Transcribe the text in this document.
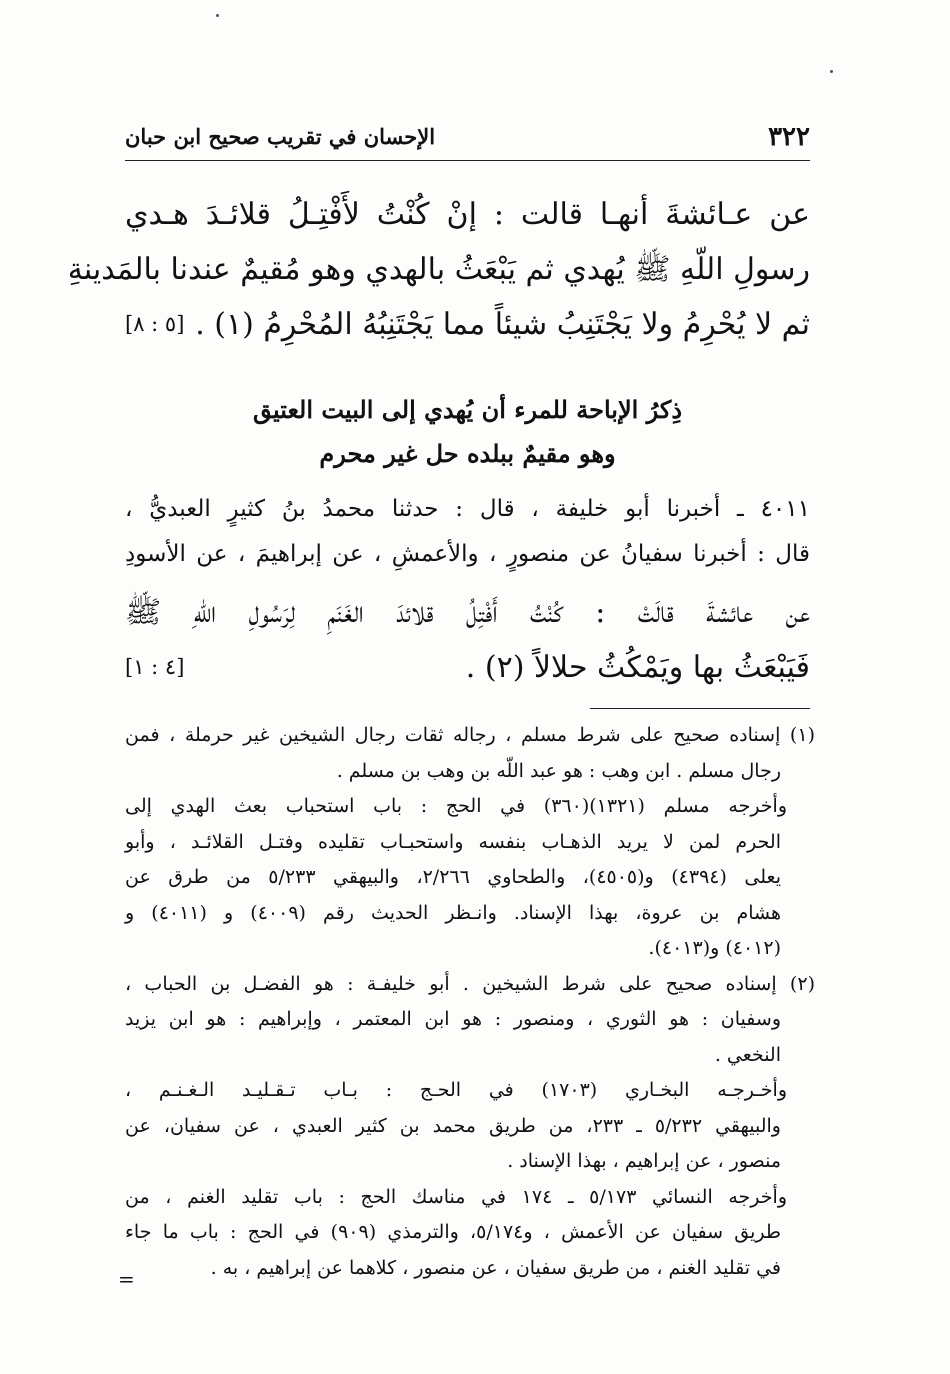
٣٢٢
الإحسان في تقريب صحيح ابن حبان
عن عـائشةَ أنهـا قالت : إنْ كُنْتُ لأَفْتِـلُ قلائـدَ هـدي
رسولِ اللّهِ ﷺ يُهدي ثم يَبْعَثُ بالهدي وهو مُقيمٌ عندنا بالمَدينةِ
ثم لا يُحْرِمُ ولا يَجْتَنِبُ شيئاً مما يَجْتَنِبُهُ المُحْرِمُ (١) .
[٥ : ٨]
ذِكرُ الإباحة للمرء أن يُهدي إلى البيت العتيق
وهو مقيمٌ ببلده حل غير محرم
٤٠١١ ـ أخبرنا أبو خليفة ، قال : حدثنا محمدُ بنُ كثيرٍ العبديُّ ،
قال : أخبرنا سفيانُ عن منصورٍ ، والأعمشِ ، عن إبراهيمَ ، عن الأسودِ
عن عائشةَ قالَتْ : كُنْتُ أَفْتِلُ قلائدَ الغَنَمِ لِرَسُولِ اللّهِ ﷺ
فَيَبْعَثُ بها ويَمْكُثُ حلالاً (٢) .
[٤ : ١]
(١) إسناده صحيح على شرط مسلم ، رجاله ثقات رجال الشيخين غير حرملة ، فمن
رجال مسلم . ابن وهب : هو عبد اللّه بن وهب بن مسلم .
وأخرجه مسلم (١٣٢١)(٣٦٠) في الحج : باب استحباب بعث الهدي إلى
الحرم لمن لا يريد الذهـاب بنفسه واستحبـاب تقليده وفتـل القلائـد ، وأبو
يعلى (٤٣٩٤) و(٤٥٠٥)، والطحاوي ٢/٢٦٦، والبيهقي ٥/٢٣٣ من طرق عن
هشام بن عروة، بهذا الإسناد. وانـظر الحديث رقم (٤٠٠٩) و (٤٠١١) و
(٤٠١٢) و(٤٠١٣).
(٢) إسناده صحيح على شرط الشيخين . أبو خليفـة : هو الفضـل بن الحباب ،
وسفيان : هو الثوري ، ومنصور : هو ابن المعتمر ، وإبراهيم : هو ابن يزيد
النخعي .
وأخـرجـه البخـاري (١٧٠٣) في الحـج : بـاب تـقـليـد الـغـنـم ،
والبيهقي ٥/٢٣٢ ـ ٢٣٣، من طريق محمد بن كثير العبدي ، عن سفيان، عن
منصور ، عن إبراهيم ، بهذا الإسناد .
وأخرجه النسائي ٥/١٧٣ ـ ١٧٤ في مناسك الحج : باب تقليد الغنم ، من
طريق سفيان عن الأعمش ، و٥/١٧٤، والترمذي (٩٠٩) في الحج : باب ما جاء
في تقليد الغنم ، من طريق سفيان ، عن منصور ، كلاهما عن إبراهيم ، به .
=
